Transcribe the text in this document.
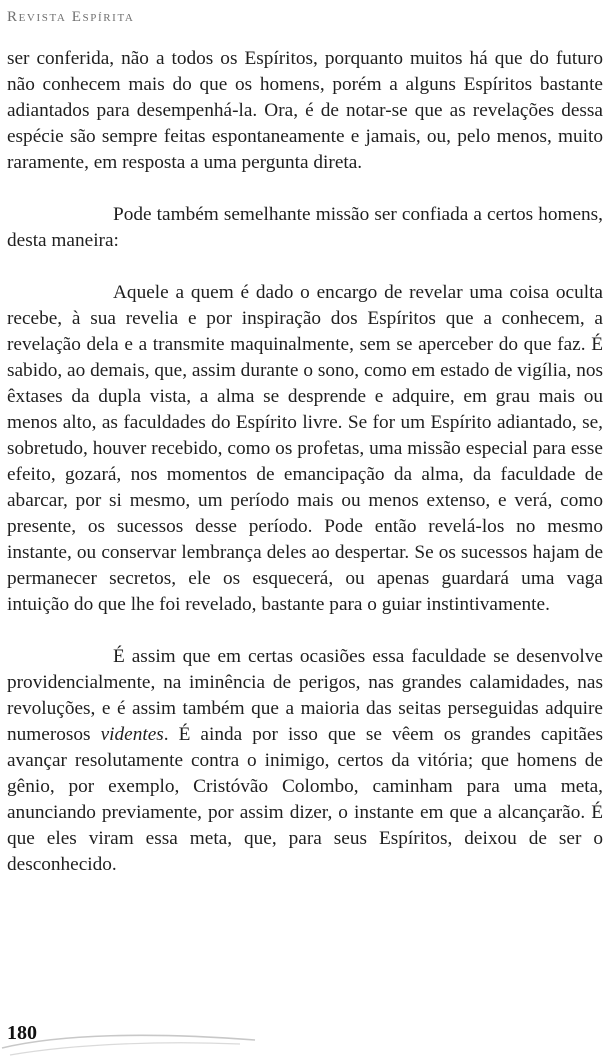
Revista Espírita

ser conferida, não a todos os Espíritos, porquanto muitos há que do futuro não conhecem mais do que os homens, porém a alguns Espíritos bastante adiantados para desempenhá-la. Ora, é de notar-se que as revelações dessa espécie são sempre feitas espontaneamente e jamais, ou, pelo menos, muito raramente, em resposta a uma pergunta direta.

Pode também semelhante missão ser confiada a certos homens, desta maneira:

Aquele a quem é dado o encargo de revelar uma coisa oculta recebe, à sua revelia e por inspiração dos Espíritos que a conhecem, a revelação dela e a transmite maquinalmente, sem se aperceber do que faz. É sabido, ao demais, que, assim durante o sono, como em estado de vigília, nos êxtases da dupla vista, a alma se desprende e adquire, em grau mais ou menos alto, as faculdades do Espírito livre. Se for um Espírito adiantado, se, sobretudo, houver recebido, como os profetas, uma missão especial para esse efeito, gozará, nos momentos de emancipação da alma, da faculdade de abarcar, por si mesmo, um período mais ou menos extenso, e verá, como presente, os sucessos desse período. Pode então revelá-los no mesmo instante, ou conservar lembrança deles ao despertar. Se os sucessos hajam de permanecer secretos, ele os esquecerá, ou apenas guardará uma vaga intuição do que lhe foi revelado, bastante para o guiar instintivamente.

É assim que em certas ocasiões essa faculdade se desenvolve providencialmente, na iminência de perigos, nas grandes calamidades, nas revoluções, e é assim também que a maioria das seitas perseguidas adquire numerosos videntes. É ainda por isso que se vêem os grandes capitães avançar resolutamente contra o inimigo, certos da vitória; que homens de gênio, por exemplo, Cristóvão Colombo, caminham para uma meta, anunciando previamente, por assim dizer, o instante em que a alcançarão. É que eles viram essa meta, que, para seus Espíritos, deixou de ser o desconhecido.

180
